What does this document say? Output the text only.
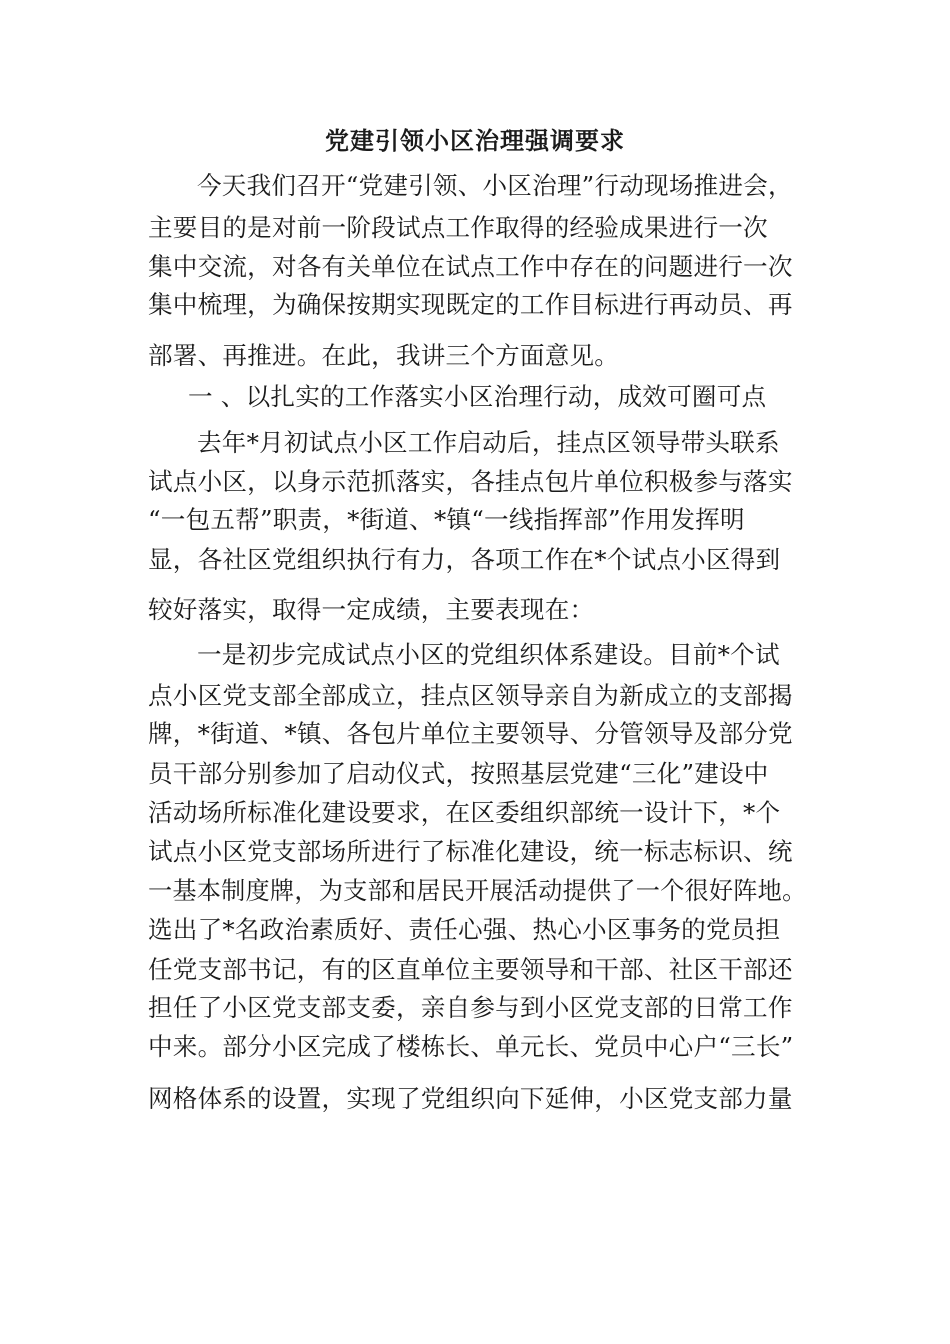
党建引领小区治理强调要求
今天我们召开“党建引领、小区治理”行动现场推进会，
主要目的是对前一阶段试点工作取得的经验成果进行一次
集中交流，对各有关单位在试点工作中存在的问题进行一次
集中梳理，为确保按期实现既定的工作目标进行再动员、再
部署、再推进。在此，我讲三个方面意见。
一 、以扎实的工作落实小区治理行动，成效可圈可点
去年*月初试点小区工作启动后，挂点区领导带头联系
试点小区，以身示范抓落实，各挂点包片单位积极参与落实
“一包五帮”职责，*街道、*镇“一线指挥部”作用发挥明
显，各社区党组织执行有力，各项工作在*个试点小区得到
较好落实，取得一定成绩，主要表现在：
一是初步完成试点小区的党组织体系建设。目前*个试
点小区党支部全部成立，挂点区领导亲自为新成立的支部揭
牌，*街道、*镇、各包片单位主要领导、分管领导及部分党
员干部分别参加了启动仪式，按照基层党建“三化”建设中
活动场所标准化建设要求，在区委组织部统一设计下，*个
试点小区党支部场所进行了标准化建设，统一标志标识、统
一基本制度牌，为支部和居民开展活动提供了一个很好阵地。
选出了*名政治素质好、责任心强、热心小区事务的党员担
任党支部书记，有的区直单位主要领导和干部、社区干部还
担任了小区党支部支委，亲自参与到小区党支部的日常工作
中来。部分小区完成了楼栋长、单元长、党员中心户“三长”
网格体系的设置，实现了党组织向下延伸，小区党支部力量
